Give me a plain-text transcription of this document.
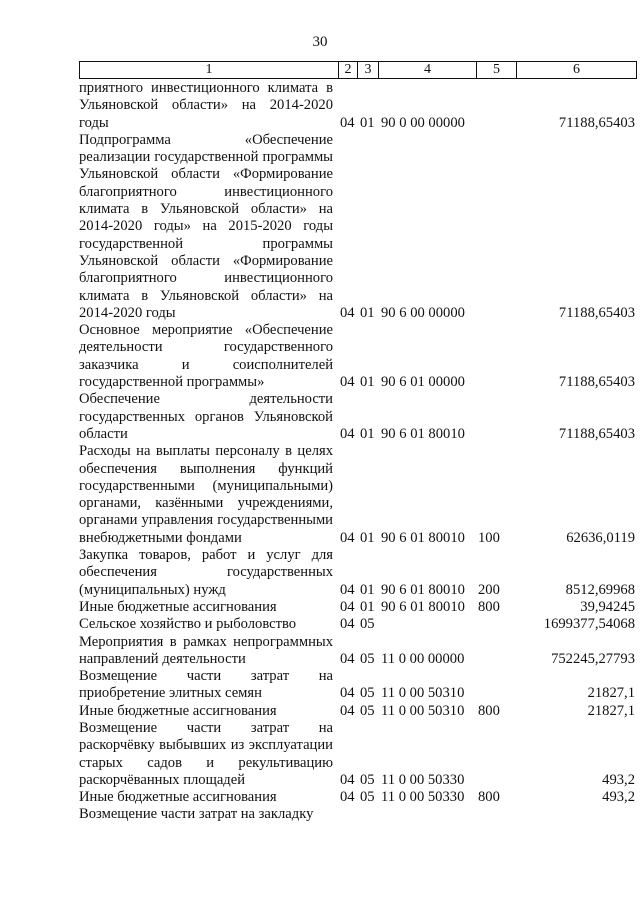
30
1	2 3	4	5	6
приятного инвестиционного климата в Ульяновской области» на 2014-2020 годы	04 01 90 0 00 00000	71188,65403
Подпрограмма «Обеспечение реализации государственной программы Ульяновской области «Формирование благоприятного инвестиционного климата в Ульяновской области» на 2014-2020 годы» на 2015-2020 годы государственной программы Ульяновской области «Формирование благоприятного инвестиционного климата в Ульяновской области» на 2014-2020 годы	04 01 90 6 00 00000	71188,65403
Основное мероприятие «Обеспечение деятельности государственного заказчика и соисполнителей государственной программы»	04 01 90 6 01 00000	71188,65403
Обеспечение деятельности государственных органов Ульяновской области	04 01 90 6 01 80010	71188,65403
Расходы на выплаты персоналу в целях обеспечения выполнения функций государственными (муниципальными) органами, казёнными учреждениями, органами управления государственными внебюджетными фондами	04 01 90 6 01 80010 100	62636,0119
Закупка товаров, работ и услуг для обеспечения государственных (муниципальных) нужд	04 01 90 6 01 80010 200	8512,69968
Иные бюджетные ассигнования	04 01 90 6 01 80010 800	39,94245
Сельское хозяйство и рыболовство	04 05	1699377,54068
Мероприятия в рамках непрограммных направлений деятельности	04 05 11 0 00 00000	752245,27793
Возмещение части затрат на приобретение элитных семян	04 05 11 0 00 50310	21827,1
Иные бюджетные ассигнования	04 05 11 0 00 50310 800	21827,1
Возмещение части затрат на раскорчёвку выбывших из эксплуатации старых садов и рекультивацию раскорчёванных площадей	04 05 11 0 00 50330	493,2
Иные бюджетные ассигнования	04 05 11 0 00 50330 800	493,2
Возмещение части затрат на закладку
